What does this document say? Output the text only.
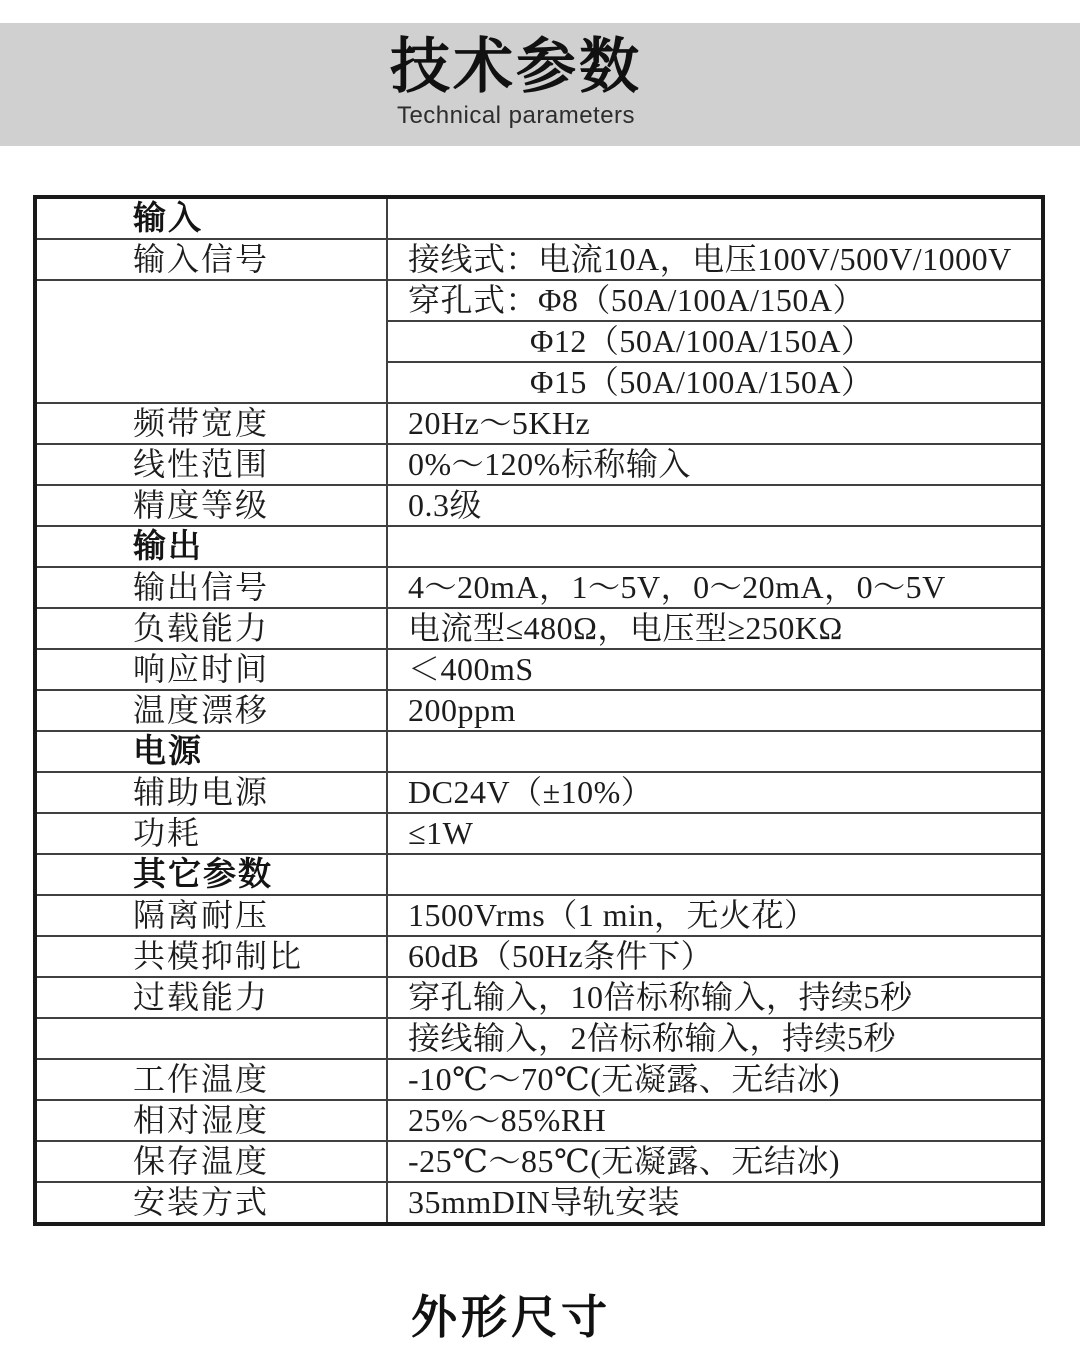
技术参数
Technical parameters
输入	
输入信号	接线式：电流10A，电压100V/500V/1000V
	穿孔式：Φ8（50A/100A/150A）
	Φ12（50A/100A/150A）
	Φ15（50A/100A/150A）
频带宽度	20Hz～5KHz
线性范围	0%～120%标称输入
精度等级	0.3级
输出	
输出信号	4～20mA，1～5V，0～20mA，0～5V
负载能力	电流型≤480Ω，电压型≥250KΩ
响应时间	＜400mS
温度漂移	200ppm
电源	
辅助电源	DC24V（±10%）
功耗	≤1W
其它参数	
隔离耐压	1500Vrms（1 min，无火花）
共模抑制比	60dB（50Hz条件下）
过载能力	穿孔输入，10倍标称输入，持续5秒
	接线输入，2倍标称输入，持续5秒
工作温度	-10℃～70℃(无凝露、无结冰)
相对湿度	25%～85%RH
保存温度	-25℃～85℃(无凝露、无结冰)
安装方式	35mmDIN导轨安装
外形尺寸
